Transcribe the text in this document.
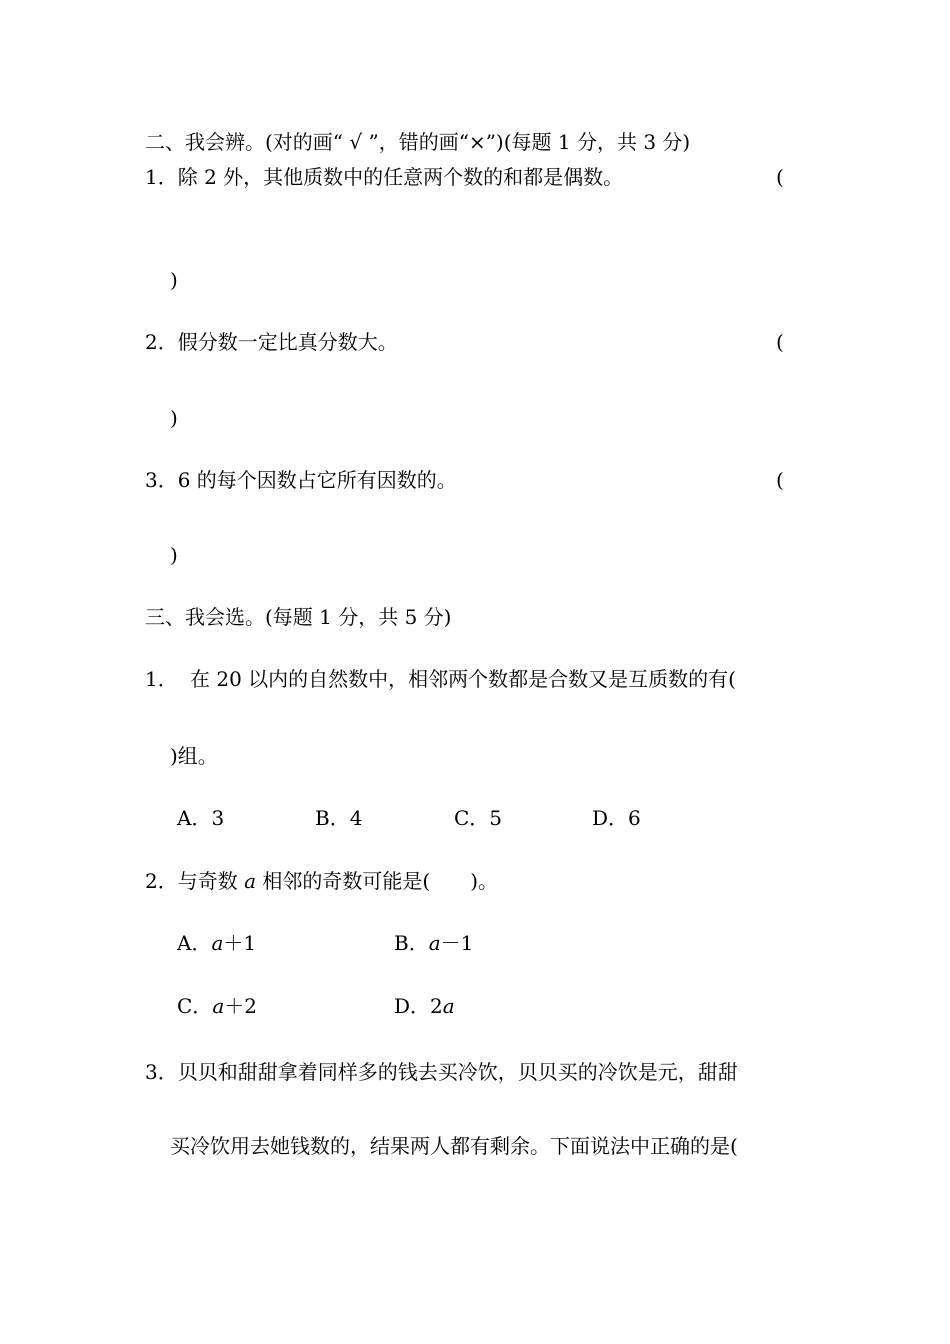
二、我会辨。(对的画“ √ ”，错的画“×”)(每题 1 分，共 3 分)
1．除 2 外，其他质数中的任意两个数的和都是偶数。	(
)
2．假分数一定比真分数大。	(
)
3．6 的每个因数占它所有因数的。	(
)
三、我会选。(每题 1 分，共 5 分)
1． 在 20 以内的自然数中，相邻两个数都是合数又是互质数的有(
)组。
A．3	B．4	C．5	D．6
2．与奇数 a 相邻的奇数可能是(　　)。
A．a＋1	B．a－1
C．a＋2	D．2a
3．贝贝和甜甜拿着同样多的钱去买冷饮，贝贝买的冷饮是元，甜甜
买冷饮用去她钱数的，结果两人都有剩余。下面说法中正确的是(
